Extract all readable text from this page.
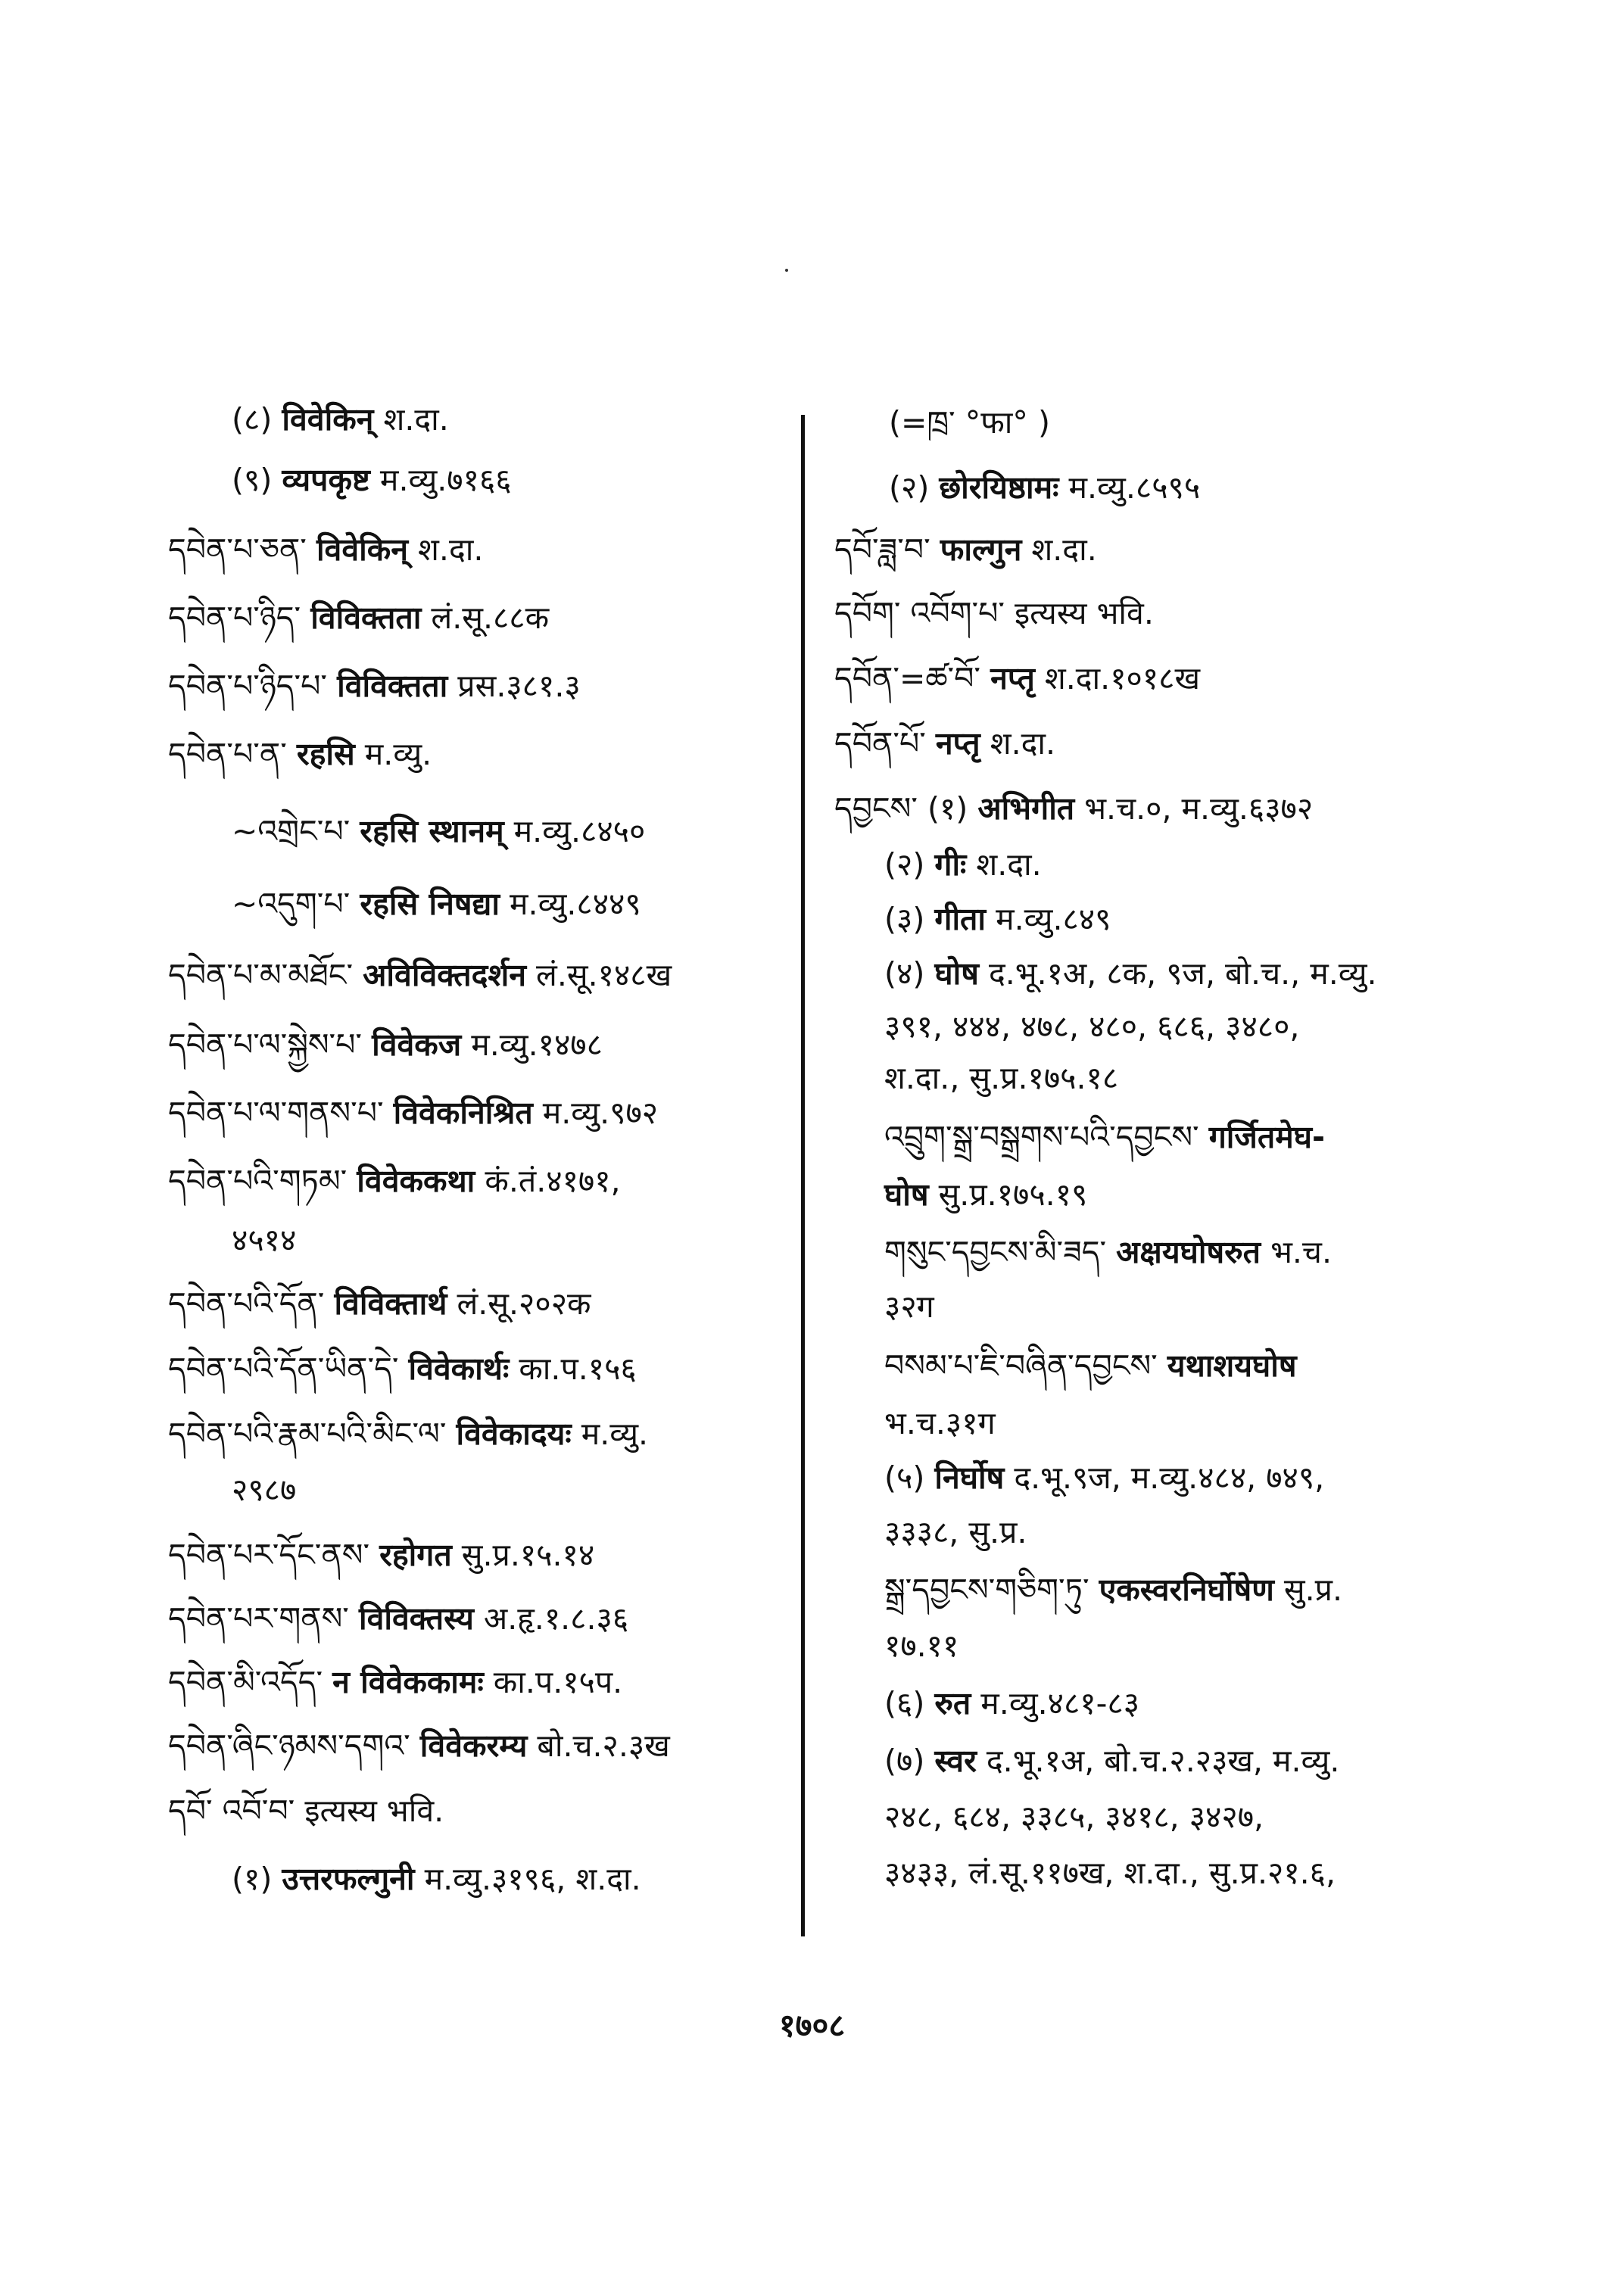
(८) विवेकिन् श.दा.
(९) व्यपकृष्ट म.व्यु.७१६६
དབེན་པ་ཅན་ विवेकिन् श.दा.
དབེན་པ་ཉིད་ विविक्तता लं.सू.८८क
དབེན་པ་ཉིད་པ་ विविक्तता प्रस.३८१.३
དབེན་པ་ན་ रहसि म.व्यु.
~འགྲེང་པ་ रहसि स्थानम् म.व्यु.८४५०
~འདུག་པ་ रहसि निषद्या म.व्यु.८४४९
དབེན་པ་མ་མཐོང་ अविविक्तदर्शन लं.सू.१४८ख
དབེན་པ་ལ་སྐྱེས་པ་ विवेकज म.व्यु.१४७८
དབེན་པ་ལ་གནས་པ་ विवेकनिश्रित म.व्यु.९७२
དབེན་པའི་གཏམ་ विवेककथा कं.तं.४१७१,
४५१४
དབེན་པའི་དོན་ विविक्तार्थ लं.सू.२०२क
དབེན་པའི་དོན་ཡིན་དེ་ विवेकार्थः का.प.१५६
དབེན་པའི་རྣམ་པའི་མིང་ལ་ विवेकादयः म.व्यु.
२९८७
དབེན་པར་དོང་ནས་ रहोगत सु.प्र.१५.१४
དབེན་པར་གནས་ विविक्तस्य अ.हृ.१.८.३६
དབེན་མི་འདོད་ न विवेककामः का.प.१५प.
དབེན་ཞིང་ཉམས་དགའ་ विवेकरम्य बो.च.२.३ख
དབོ་ འབོ་བ་ इत्यस्य भवि.
(१) उत्तरफल्गुनी म.व्यु.३१९६, श.दा.
(=ཁྲ་ °फा° )
(२) छोरयिष्ठामः म.व्यु.८५९५
དབོ་ཟླ་བ་ फाल्गुन श.दा.
དབོག་ འབོག་པ་ इत्यस्य भवि.
དབོན་=ཚ་བོ་ नप्तृ श.दा.१०१८ख
དབོན་པོ་ नप्तृ श.दा.
དབྱངས་ (१) अभिगीत भ.च.०, म.व्यु.६३७२
(२) गीः श.दा.
(३) गीता म.व्यु.८४९
(४) घोष द.भू.१अ, ८क, ९ज, बो.च., म.व्यु.
३९१, ४४४, ४७८, ४८०, ६८६, ३४८०,
श.दा., सु.प्र.१७५.१८
འབྲུག་སྒྲ་བསྒྲགས་པའི་དབྱངས་ गर्जितमेघ-
घोष सु.प्र.१७५.१९
གསུང་དབྱངས་མི་ཟད་ अक्षयघोषरुत भ.च.
३२ग
བསམ་པ་ཇི་བཞིན་དབྱངས་ यथाशयघोष
भ.च.३१ग
(५) निर्घोष द.भू.९ज, म.व्यु.४८४, ७४९,
३३३८, सु.प्र.
སྒྲ་དབྱངས་གཅིག་ཏུ་ एकस्वरनिर्घोषेण सु.प्र.
१७.११
(६) रुत म.व्यु.४८१-८३
(७) स्वर द.भू.१अ, बो.च.२.२३ख, म.व्यु.
२४८, ६८४, ३३८५, ३४१८, ३४२७,
३४३३, लं.सू.११७ख, श.दा., सु.प्र.२१.६,
१७०८
